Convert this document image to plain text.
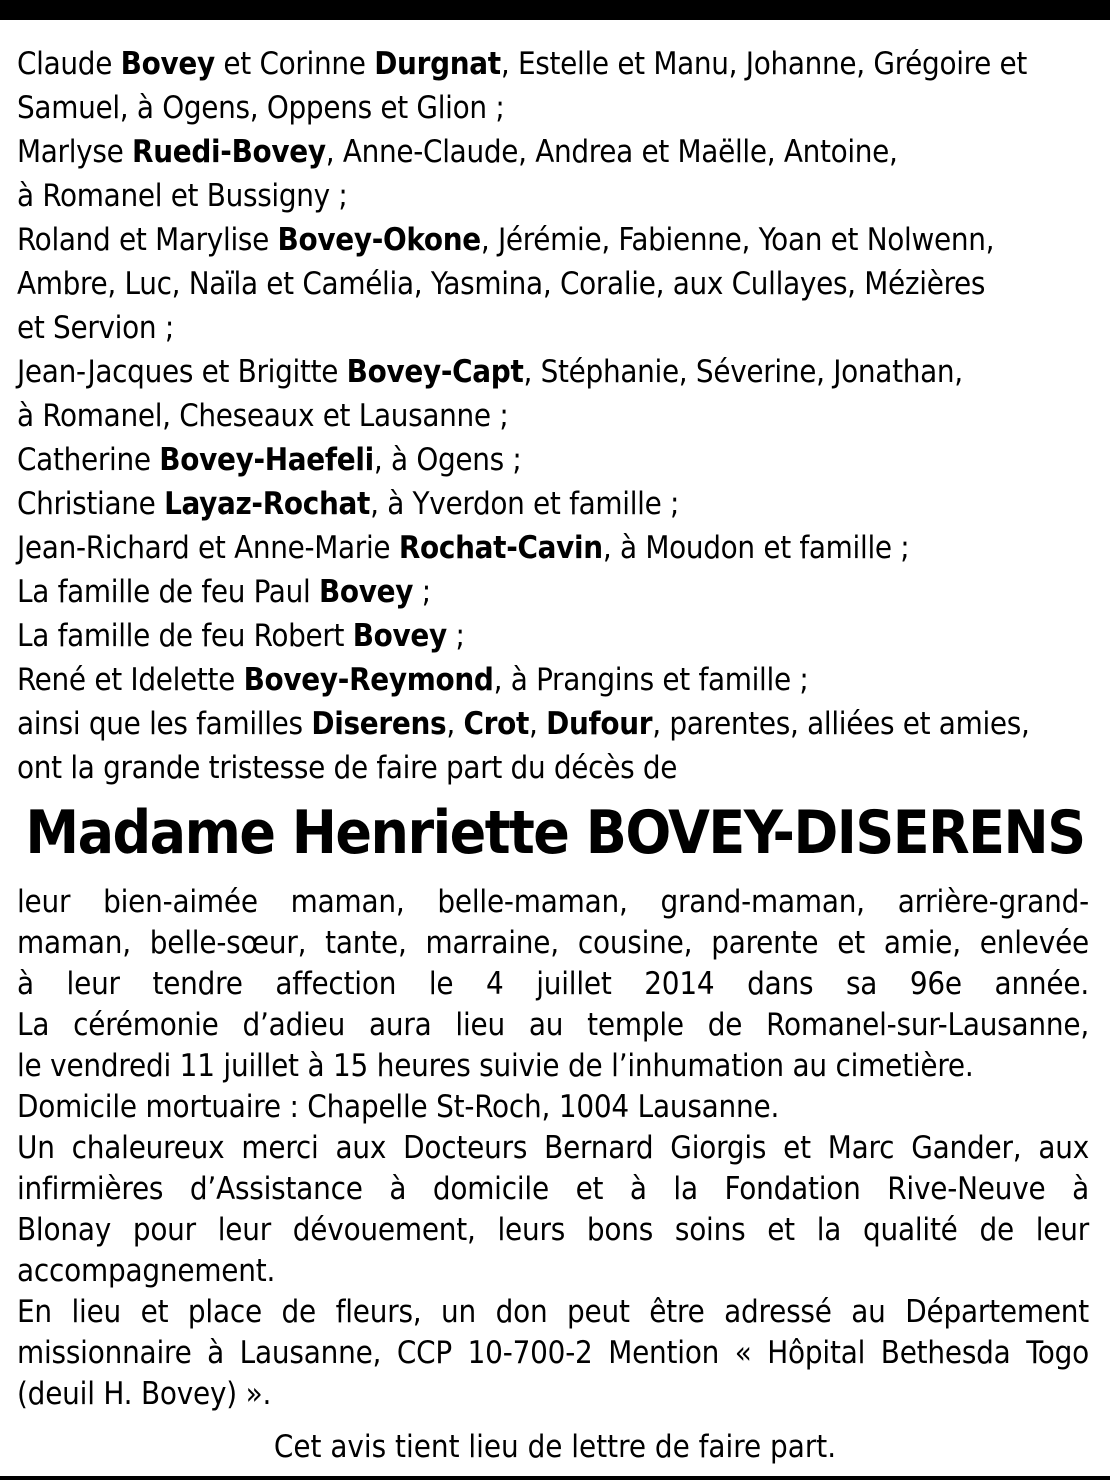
Claude Bovey et Corinne Durgnat, Estelle et Manu, Johanne, Grégoire et
Samuel, à Ogens, Oppens et Glion ;
Marlyse Ruedi-Bovey, Anne-Claude, Andrea et Maëlle, Antoine,
à Romanel et Bussigny ;
Roland et Marylise Bovey-Okone, Jérémie, Fabienne, Yoan et Nolwenn,
Ambre, Luc, Naïla et Camélia, Yasmina, Coralie, aux Cullayes, Mézières
et Servion ;
Jean-Jacques et Brigitte Bovey-Capt, Stéphanie, Séverine, Jonathan,
à Romanel, Cheseaux et Lausanne ;
Catherine Bovey-Haefeli, à Ogens ;
Christiane Layaz-Rochat, à Yverdon et famille ;
Jean-Richard et Anne-Marie Rochat-Cavin, à Moudon et famille ;
La famille de feu Paul Bovey ;
La famille de feu Robert Bovey ;
René et Idelette Bovey-Reymond, à Prangins et famille ;
ainsi que les familles Diserens, Crot, Dufour, parentes, alliées et amies,
ont la grande tristesse de faire part du décès de
Madame Henriette BOVEY-DISERENS
leur bien-aimée maman, belle-maman, grand-maman, arrière-grand-
maman, belle-sœur, tante, marraine, cousine, parente et amie, enlevée
à leur tendre affection le 4 juillet 2014 dans sa 96e année.
La cérémonie d’adieu aura lieu au temple de Romanel-sur-Lausanne,
le vendredi 11 juillet à 15 heures suivie de l’inhumation au cimetière.
Domicile mortuaire : Chapelle St-Roch, 1004 Lausanne.
Un chaleureux merci aux Docteurs Bernard Giorgis et Marc Gander, aux
infirmières d’Assistance à domicile et à la Fondation Rive-Neuve à
Blonay pour leur dévouement, leurs bons soins et la qualité de leur
accompagnement.
En lieu et place de fleurs, un don peut être adressé au Département
missionnaire à Lausanne, CCP 10-700-2 Mention « Hôpital Bethesda Togo
(deuil H. Bovey) ».

Cet avis tient lieu de lettre de faire part.
